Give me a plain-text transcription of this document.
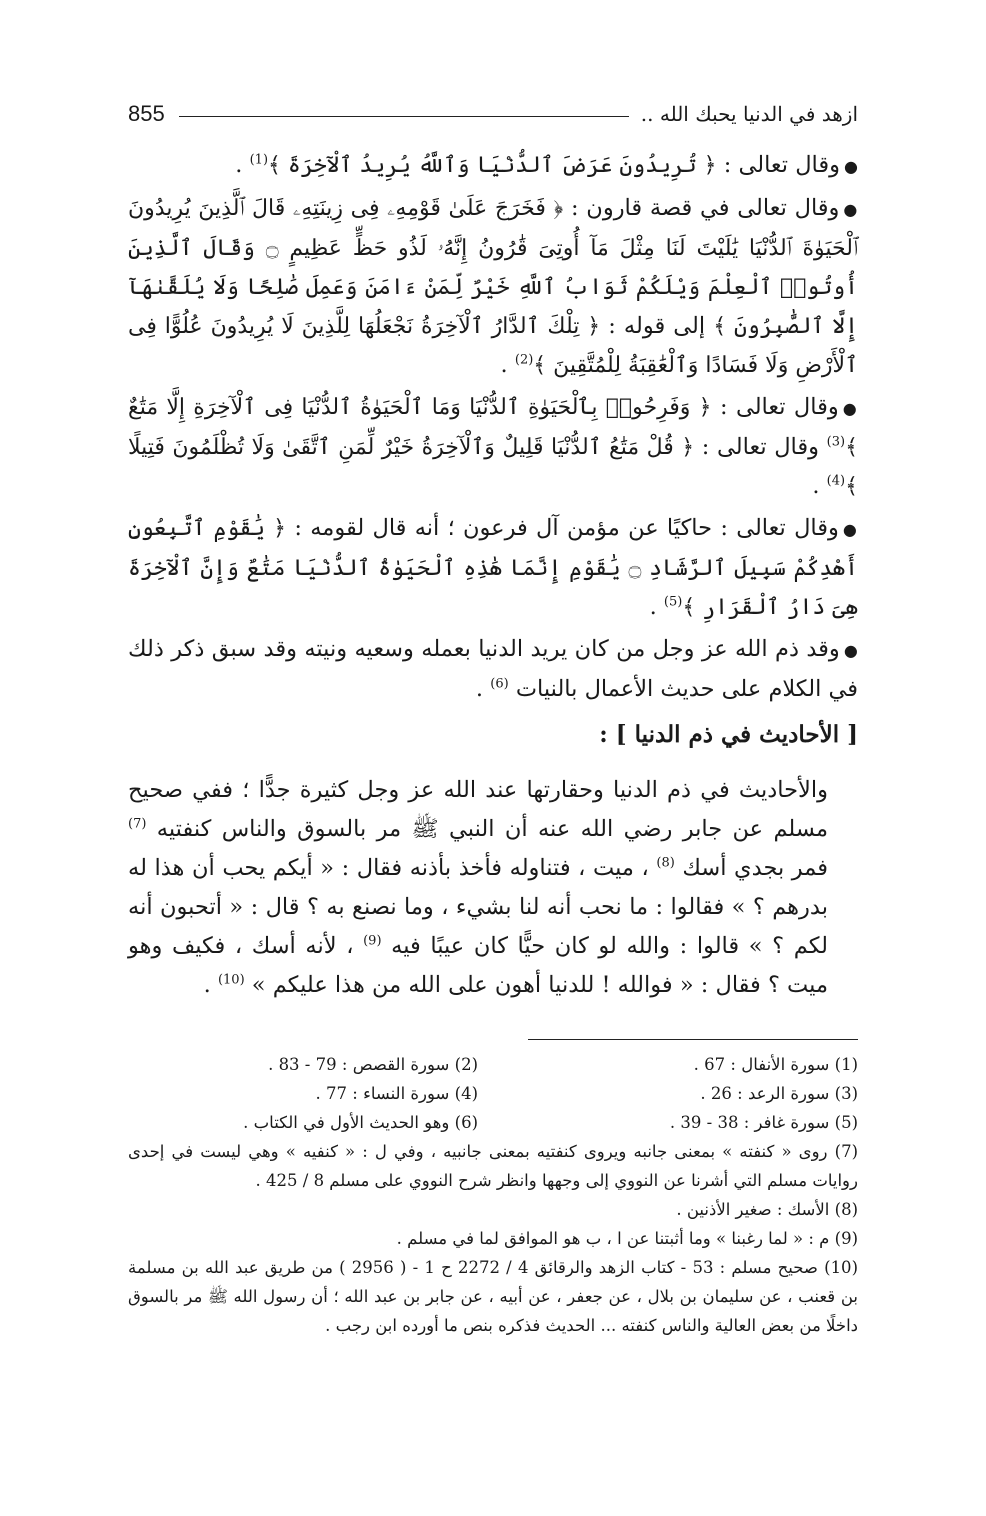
ازهد في الدنيا يحبك الله ..
855

●وقال تعالى : ﴿ تُرِيدُونَ عَرَضَ ٱلدُّنْيَا وَٱللَّهُ يُرِيدُ ٱلْآخِرَةَ ﴾$^{(1)}$ .

●وقال تعالى في قصة قارون : ﴿ فَخَرَجَ عَلَىٰ قَوْمِهِۦ فِى زِينَتِهِۦ قَالَ ٱلَّذِينَ يُرِيدُونَ ٱلْحَيَوٰةَ ٱلدُّنْيَا يَٰلَيْتَ لَنَا مِثْلَ مَآ أُوتِىَ قَٰرُونُ إِنَّهُۥ لَذُو حَظٍّ عَظِيمٍ ۝ وَقَالَ ٱلَّذِينَ أُوتُوا۟ ٱلْعِلْمَ وَيْلَكُمْ ثَوَابُ ٱللَّهِ خَيْرٌ لِّمَنْ ءَامَنَ وَعَمِلَ صَٰلِحًا وَلَا يُلَقَّىٰهَآ إِلَّا ٱلصَّٰبِرُونَ ﴾ إلى قوله : ﴿ تِلْكَ ٱلدَّارُ ٱلْآخِرَةُ نَجْعَلُهَا لِلَّذِينَ لَا يُرِيدُونَ عُلُوًّا فِى ٱلْأَرْضِ وَلَا فَسَادًا وَٱلْعَٰقِبَةُ لِلْمُتَّقِينَ ﴾$^{(2)}$ .

●وقال تعالى : ﴿ وَفَرِحُوا۟ بِٱلْحَيَوٰةِ ٱلدُّنْيَا وَمَا ٱلْحَيَوٰةُ ٱلدُّنْيَا فِى ٱلْآخِرَةِ إِلَّا مَتَٰعٌ ﴾$^{(3)}$ وقال تعالى : ﴿ قُلْ مَتَٰعُ ٱلدُّنْيَا قَلِيلٌ وَٱلْآخِرَةُ خَيْرٌ لِّمَنِ ٱتَّقَىٰ وَلَا تُظْلَمُونَ فَتِيلًا ﴾$^{(4)}$ .

●وقال تعالى : حاكيًا عن مؤمن آل فرعون ؛ أنه قال لقومه : ﴿ يَٰقَوْمِ ٱتَّبِعُونِ أَهْدِكُمْ سَبِيلَ ٱلرَّشَادِ ۝ يَٰقَوْمِ إِنَّمَا هَٰذِهِ ٱلْحَيَوٰةُ ٱلدُّنْيَا مَتَٰعٌ وَإِنَّ ٱلْآخِرَةَ هِىَ دَارُ ٱلْقَرَارِ ﴾$^{(5)}$ .

●وقد ذم الله عز وجل من كان يريد الدنيا بعمله وسعيه ونيته وقد سبق ذكر ذلك في الكلام على حديث الأعمال بالنيات $^{(6)}$ .

[ الأحاديث في ذم الدنيا ] :

والأحاديث في ذم الدنيا وحقارتها عند الله عز وجل كثيرة جدًّا ؛ ففي صحيح مسلم عن جابر رضي الله عنه أن النبي ﷺ مر بالسوق والناس كنفتيه $^{(7)}$ فمر بجدي أسك $^{(8)}$ ، ميت ، فتناوله فأخذ بأذنه فقال : « أيكم يحب أن هذا له بدرهم ؟ » فقالوا : ما نحب أنه لنا بشيء ، وما نصنع به ؟ قال : « أتحبون أنه لكم ؟ » قالوا : والله لو كان حيًّا كان عيبًا فيه $^{(9)}$ ، لأنه أسك ، فكيف وهو ميت ؟ فقال : « فوالله ! للدنيا أهون على الله من هذا عليكم » $^{(10)}$ .

(1) سورة الأنفال : 67 .

(2) سورة القصص : 79 - 83 .

(3) سورة الرعد : 26 .

(4) سورة النساء : 77 .

(5) سورة غافر : 38 - 39 .

(6) وهو الحديث الأول في الكتاب .

(7) روى « كنفته » بمعنى جانبه ويروى كنفتيه بمعنى جانبيه ، وفي ل : « كنفيه » وهي ليست في إحدى روايات مسلم التي أشرنا عن النووي إلى وجهها وانظر شرح النووي على مسلم 8 / 425 .

(8) الأسك : صغير الأذنين .

(9) م : « لما رغبنا » وما أثبتنا عن ا ، ب هو الموافق لما في مسلم .

(10) صحيح مسلم : 53 - كتاب الزهد والرقائق 4 / 2272 ح 1 - ( 2956 ) من طريق عبد الله بن مسلمة بن قعنب ، عن سليمان بن بلال ، عن جعفر ، عن أبيه ، عن جابر بن عبد الله ؛ أن رسول الله ﷺ مر بالسوق داخلًا من بعض العالية والناس كنفته ... الحديث فذكره بنص ما أورده ابن رجب .
